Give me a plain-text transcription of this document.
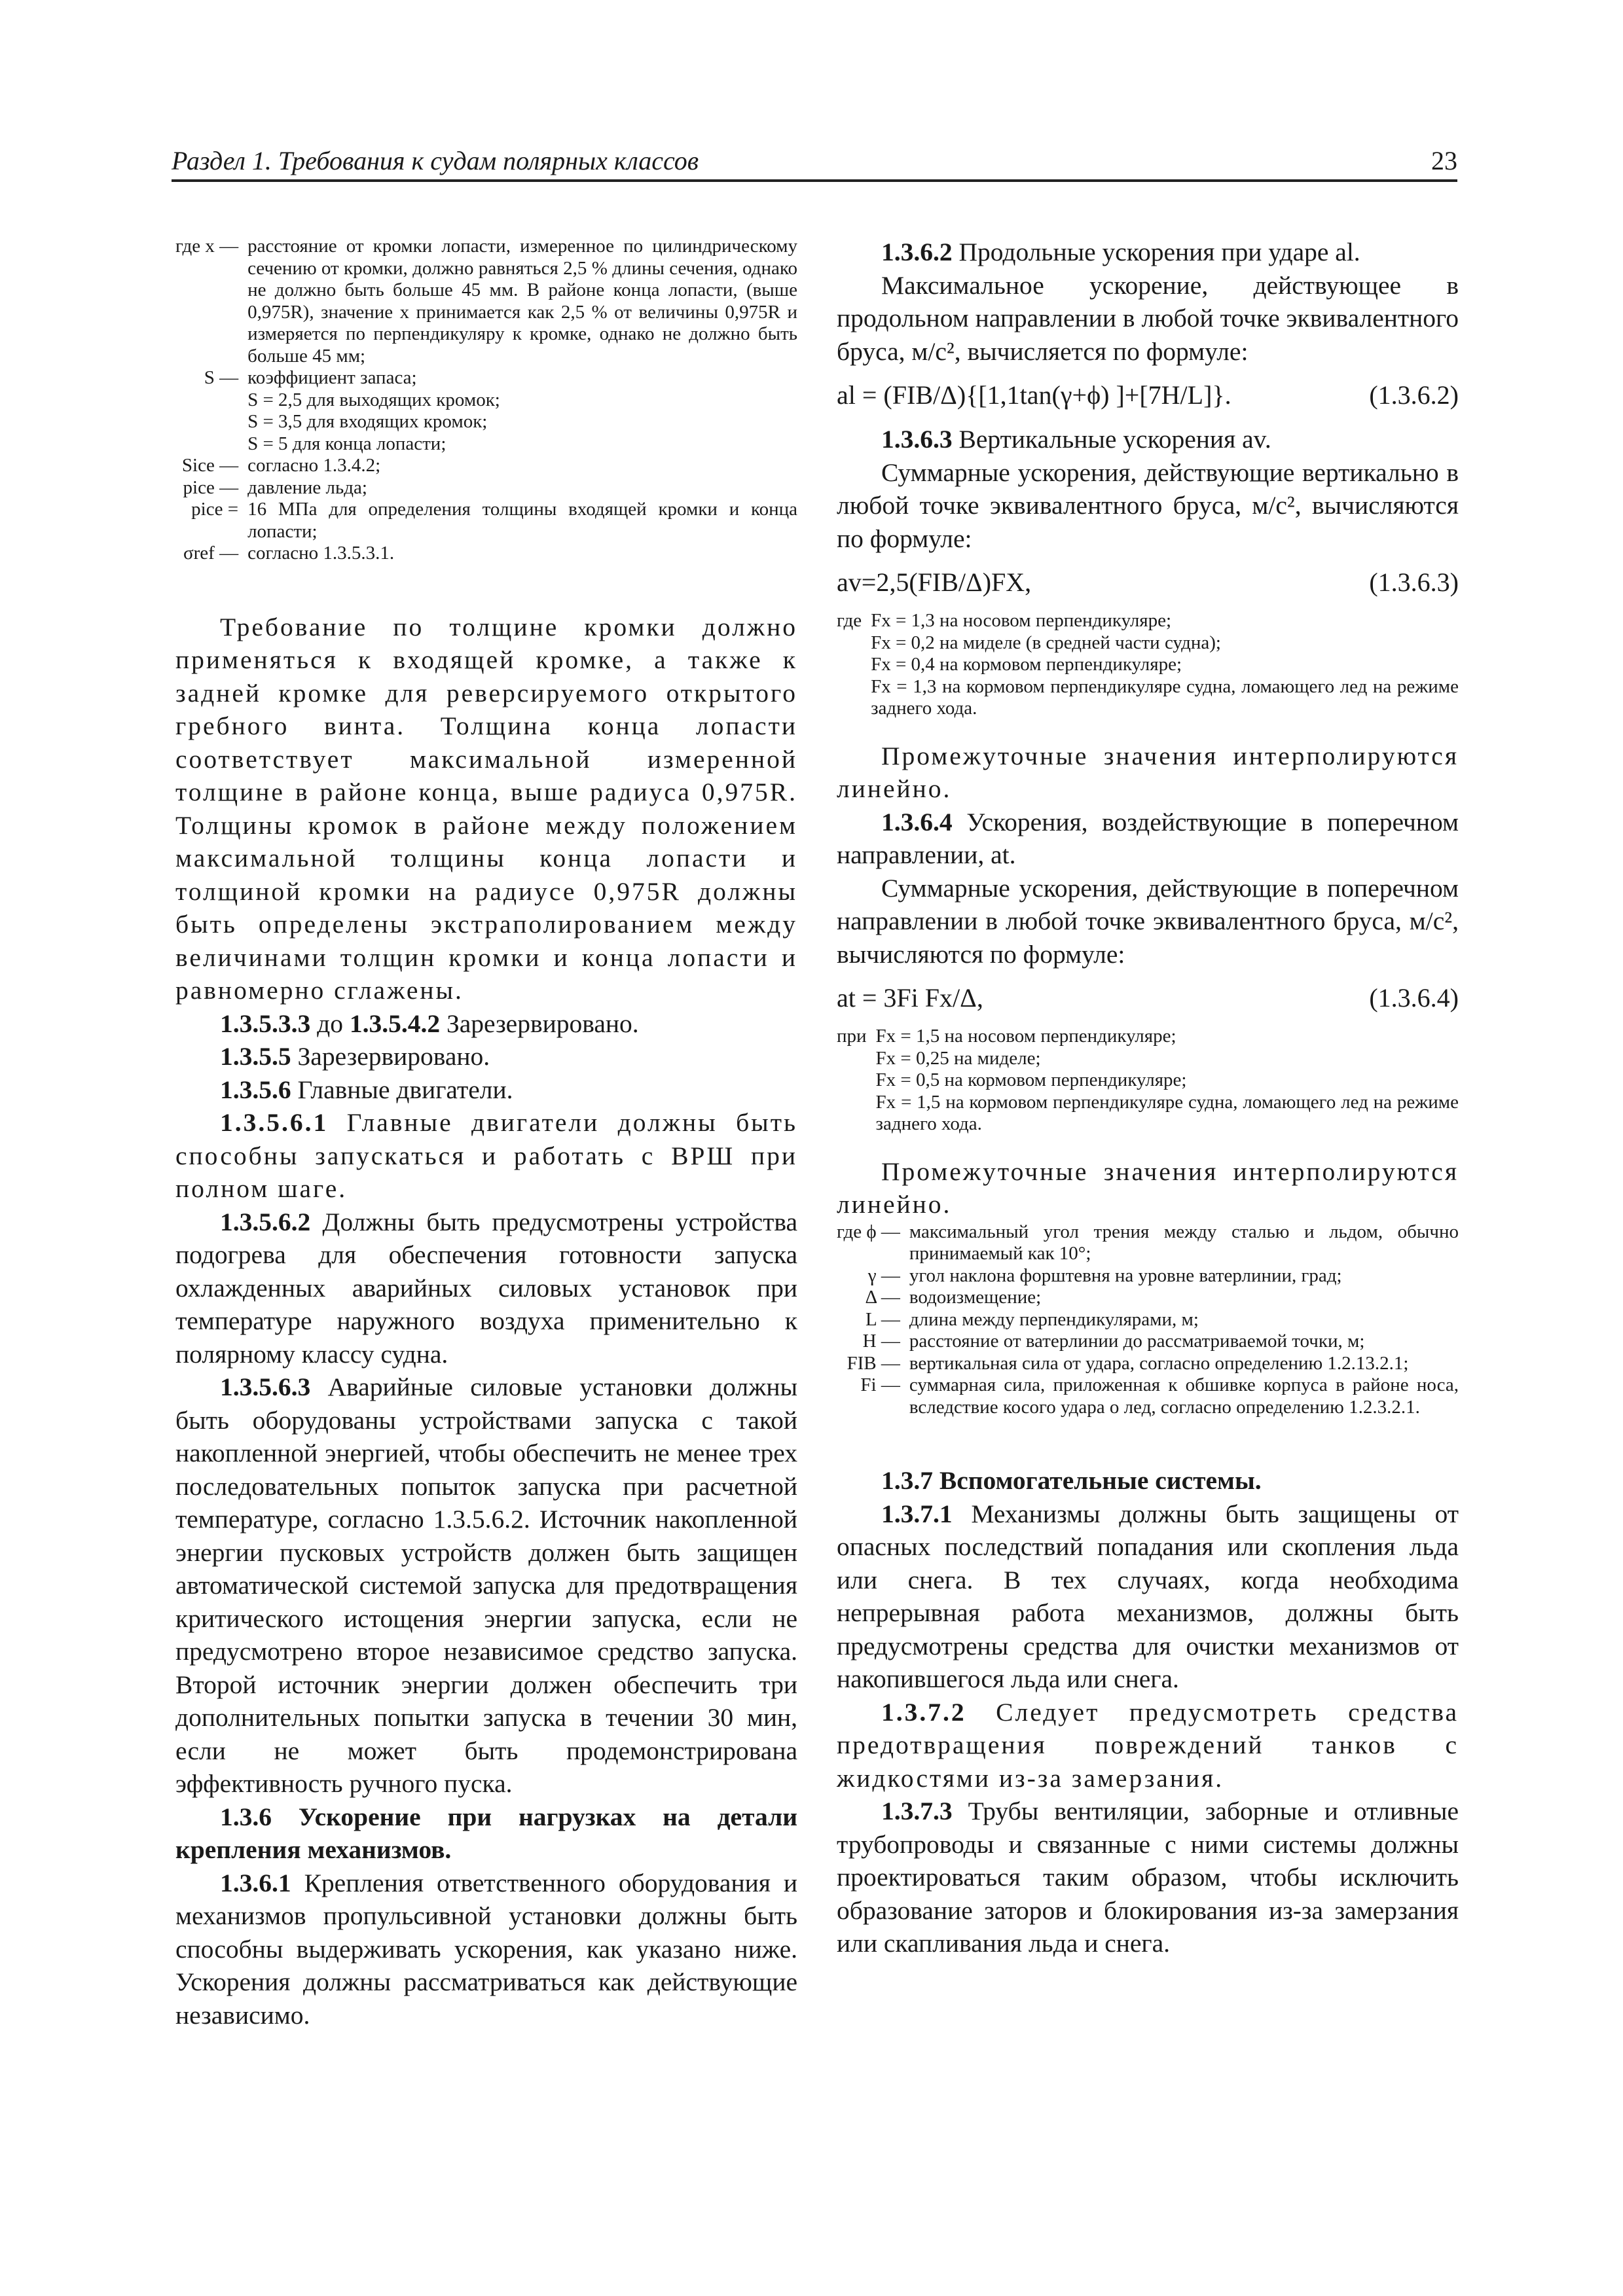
Раздел 1. Требования к судам полярных классов	23
где x —	расстояние от кромки лопасти, измеренное по цилиндрическому сечению от кромки, должно равняться 2,5 % длины сечения, однако не должно быть больше 45 мм. В районе конца лопасти, (выше 0,975R), значение x принимается как 2,5 % от величины 0,975R и измеряется по перпендикуляру к кромке, однако не должно быть больше 45 мм;
S —	коэффициент запаса;
	S = 2,5 для выходящих кромок;
	S = 3,5 для входящих кромок;
	S = 5 для конца лопасти;
Sice —	согласно 1.3.4.2;
pice —	давление льда;
pice =	16 МПа для определения толщины входящей кромки и конца лопасти;
σref —	согласно 1.3.5.3.1.

Требование по толщине кромки должно применяться к входящей кромке, а также к задней кромке для реверсируемого открытого гребного винта. Толщина конца лопасти соответствует максимальной измеренной толщине в районе конца, выше радиуса 0,975R. Толщины кромок в районе между положением максимальной толщины конца лопасти и толщиной кромки на радиусе 0,975R должны быть определены экстраполированием между величинами толщин кромки и конца лопасти и равномерно сглажены.

1.3.5.3.3 до 1.3.5.4.2 Зарезервировано.

1.3.5.5 Зарезервировано.

1.3.5.6 Главные двигатели.

1.3.5.6.1 Главные двигатели должны быть способны запускаться и работать с ВРШ при полном шаге.

1.3.5.6.2 Должны быть предусмотрены устройства подогрева для обеспечения готовности запуска охлажденных аварийных силовых установок при температуре наружного воздуха применительно к полярному классу судна.

1.3.5.6.3 Аварийные силовые установки должны быть оборудованы устройствами запуска с такой накопленной энергией, чтобы обеспечить не менее трех последовательных попыток запуска при расчетной температуре, согласно 1.3.5.6.2. Источник накопленной энергии пусковых устройств должен быть защищен автоматической системой запуска для предотвращения критического истощения энергии запуска, если не предусмотрено второе независимое средство запуска. Второй источник энергии должен обеспечить три дополнительных попытки запуска в течении 30 мин, если не может быть продемонстрирована эффективность ручного пуска.

1.3.6 Ускорение при нагрузках на детали крепления механизмов.

1.3.6.1 Крепления ответственного оборудования и механизмов пропульсивной установки должны быть способны выдерживать ускорения, как указано ниже. Ускорения должны рассматриваться как действующие независимо.

1.3.6.2 Продольные ускорения при ударе al.

Максимальное ускорение, действующее в продольном направлении в любой точке эквивалентного бруса, м/с², вычисляется по формуле:

al = (FIB/Δ){[1,1tan(γ+ϕ) ]+[7H/L]}.	(1.3.6.2)

1.3.6.3 Вертикальные ускорения av.

Суммарные ускорения, действующие вертикально в любой точке эквивалентного бруса, м/с², вычисляются по формуле:

av=2,5(FIB/Δ)FX,	(1.3.6.3)
где	Fx = 1,3 на носовом перпендикуляре;
	Fx = 0,2 на миделе (в средней части судна);
	Fx = 0,4 на кормовом перпендикуляре;
	Fx = 1,3 на кормовом перпендикуляре судна, ломающего лед на режиме заднего хода.

Промежуточные значения интерполируются линейно.

1.3.6.4 Ускорения, воздействующие в поперечном направлении, at.

Суммарные ускорения, действующие в поперечном направлении в любой точке эквивалентного бруса, м/с², вычисляются по формуле:

at = 3Fi Fx/Δ,	(1.3.6.4)
при	Fx = 1,5 на носовом перпендикуляре;
	Fx = 0,25 на миделе;
	Fx = 0,5 на кормовом перпендикуляре;
	Fx = 1,5 на кормовом перпендикуляре судна, ломающего лед на режиме заднего хода.

Промежуточные значения интерполируются линейно.

где ϕ —	максимальный угол трения между сталью и льдом, обычно принимаемый как 10°;
γ —	угол наклона форштевня на уровне ватерлинии, град;
Δ —	водоизмещение;
L —	длина между перпендикулярами, м;
H —	расстояние от ватерлинии до рассматриваемой точки, м;
FIB —	вертикальная сила от удара, согласно определению 1.2.13.2.1;
Fi —	суммарная сила, приложенная к обшивке корпуса в районе носа, вследствие косого удара о лед, согласно определению 1.2.3.2.1.

1.3.7 Вспомогательные системы.

1.3.7.1 Механизмы должны быть защищены от опасных последствий попадания или скопления льда или снега. В тех случаях, когда необходима непрерывная работа механизмов, должны быть предусмотрены средства для очистки механизмов от накопившегося льда или снега.

1.3.7.2 Следует предусмотреть средства предотвращения повреждений танков с жидкостями из-за замерзания.

1.3.7.3 Трубы вентиляции, заборные и отливные трубопроводы и связанные с ними системы должны проектироваться таким образом, чтобы исключить образование заторов и блокирования из-за замерзания или скапливания льда и снега.
